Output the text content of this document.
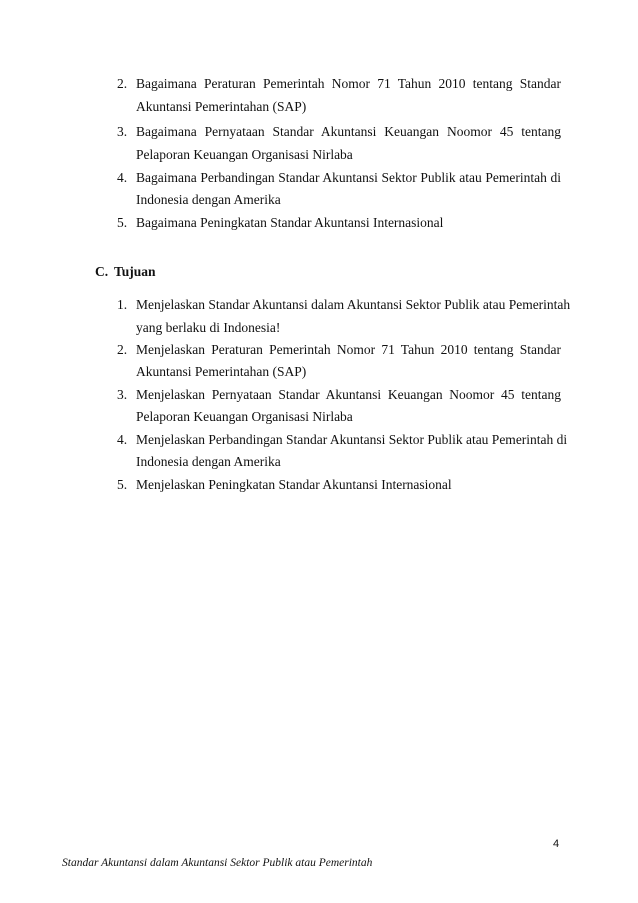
2. Bagaimana Peraturan Pemerintah Nomor 71 Tahun 2010 tentang Standar
Akuntansi Pemerintahan (SAP)
3. Bagaimana Pernyataan Standar Akuntansi Keuangan Noomor 45 tentang
Pelaporan Keuangan Organisasi Nirlaba
4. Bagaimana Perbandingan Standar Akuntansi Sektor Publik atau Pemerintah di
Indonesia dengan Amerika
5. Bagaimana Peningkatan Standar Akuntansi Internasional
C. Tujuan
1. Menjelaskan Standar Akuntansi dalam Akuntansi Sektor Publik atau Pemerintah
yang berlaku di Indonesia!
2. Menjelaskan Peraturan Pemerintah Nomor 71 Tahun 2010 tentang Standar
Akuntansi Pemerintahan (SAP)
3. Menjelaskan Pernyataan Standar Akuntansi Keuangan Noomor 45 tentang
Pelaporan Keuangan Organisasi Nirlaba
4. Menjelaskan Perbandingan Standar Akuntansi Sektor Publik atau Pemerintah di
Indonesia dengan Amerika
5. Menjelaskan Peningkatan Standar Akuntansi Internasional
4
Standar Akuntansi dalam Akuntansi Sektor Publik atau Pemerintah
